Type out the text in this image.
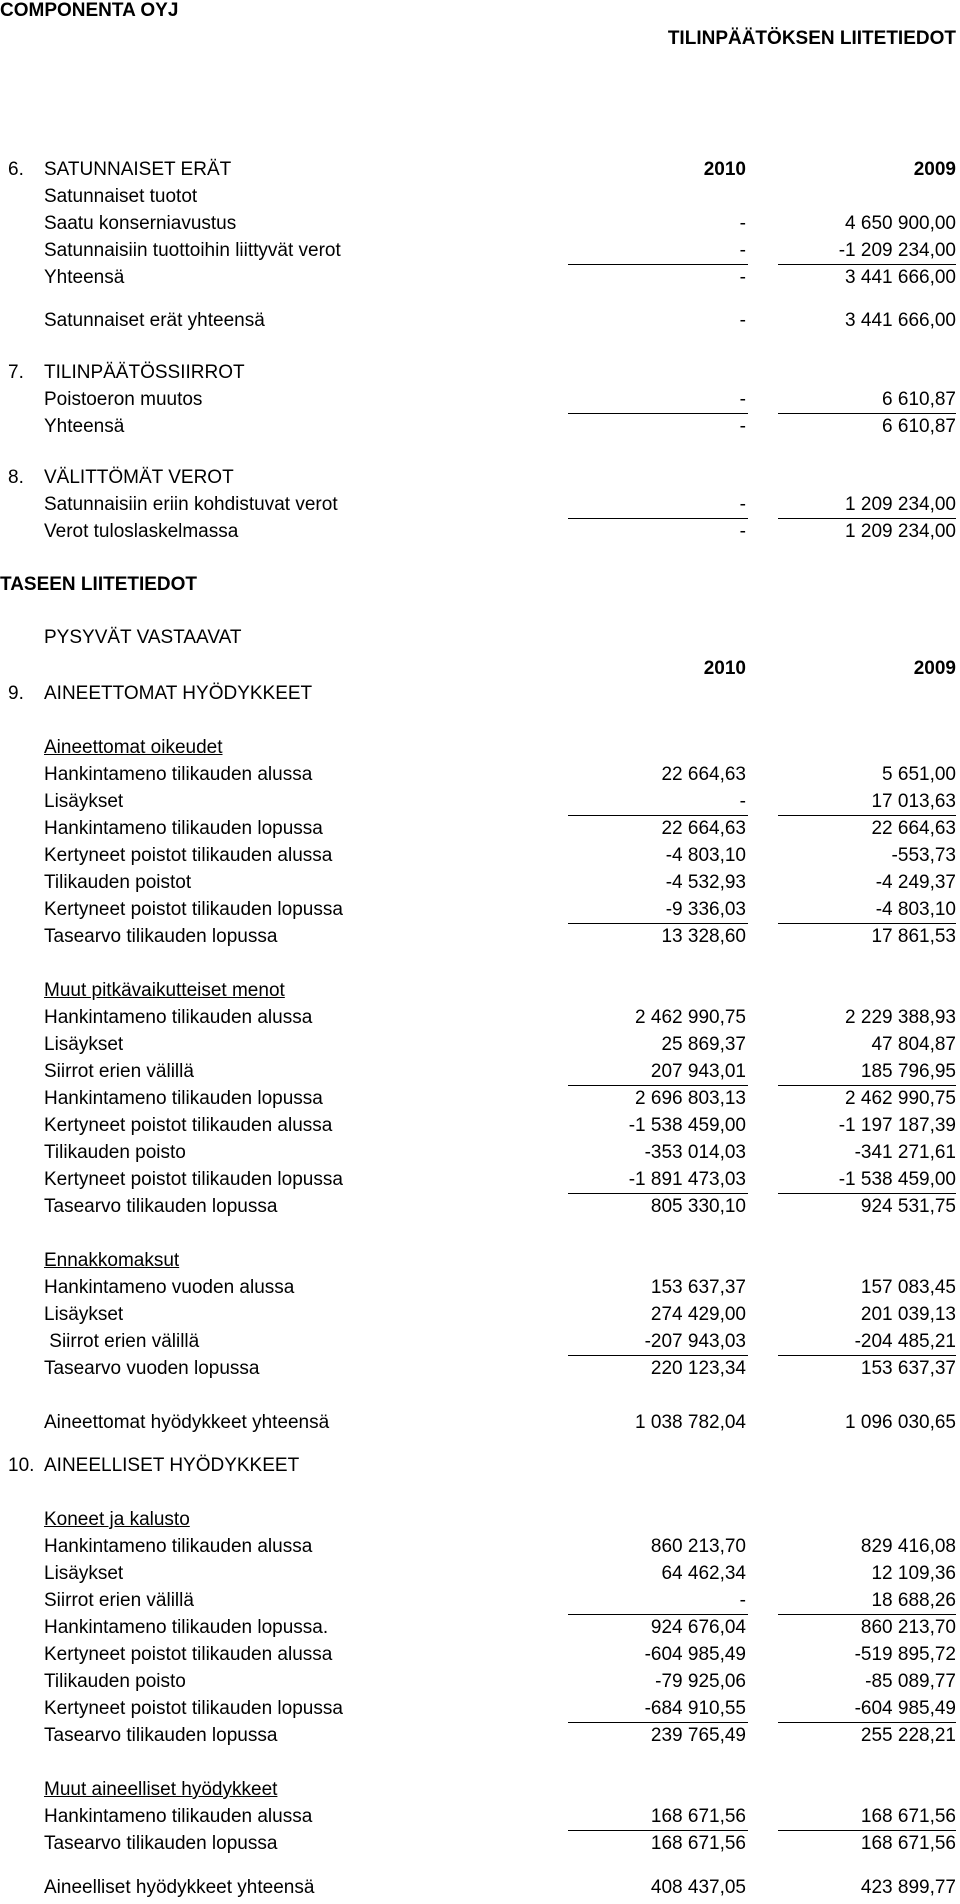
COMPONENTA OYJ
TILINPÄÄTÖKSEN LIITETIEDOT
6. SATUNNAISET ERÄT	2010	2009
Satunnaiset tuotot
Saatu konserniavustus	-	4 650 900,00
Satunnaisiin tuottoihin liittyvät verot	-	-1 209 234,00
Yhteensä	-	3 441 666,00
Satunnaiset erät yhteensä	-	3 441 666,00
7. TILINPÄÄTÖSSIIRROT
Poistoeron muutos	-	6 610,87
Yhteensä	-	6 610,87
8. VÄLITTÖMÄT VEROT
Satunnaisiin eriin kohdistuvat verot	-	1 209 234,00
Verot tuloslaskelmassa	-	1 209 234,00
TASEEN LIITETIEDOT
PYSYVÄT VASTAAVAT
2010	2009
9. AINEETTOMAT HYÖDYKKEET
Aineettomat oikeudet
Hankintameno tilikauden alussa	22 664,63	5 651,00
Lisäykset	-	17 013,63
Hankintameno tilikauden lopussa	22 664,63	22 664,63
Kertyneet poistot tilikauden alussa	-4 803,10	-553,73
Tilikauden poistot	-4 532,93	-4 249,37
Kertyneet poistot tilikauden lopussa	-9 336,03	-4 803,10
Tasearvo tilikauden lopussa	13 328,60	17 861,53
Muut pitkävaikutteiset menot
Hankintameno tilikauden alussa	2 462 990,75	2 229 388,93
Lisäykset	25 869,37	47 804,87
Siirrot erien välillä	207 943,01	185 796,95
Hankintameno tilikauden lopussa	2 696 803,13	2 462 990,75
Kertyneet poistot tilikauden alussa	-1 538 459,00	-1 197 187,39
Tilikauden poisto	-353 014,03	-341 271,61
Kertyneet poistot tilikauden lopussa	-1 891 473,03	-1 538 459,00
Tasearvo tilikauden lopussa	805 330,10	924 531,75
Ennakkomaksut
Hankintameno vuoden alussa	153 637,37	157 083,45
Lisäykset	274 429,00	201 039,13
Siirrot erien välillä	-207 943,03	-204 485,21
Tasearvo vuoden lopussa	220 123,34	153 637,37
Aineettomat hyödykkeet yhteensä	1 038 782,04	1 096 030,65
10. AINEELLISET HYÖDYKKEET
Koneet ja kalusto
Hankintameno tilikauden alussa	860 213,70	829 416,08
Lisäykset	64 462,34	12 109,36
Siirrot erien välillä	-	18 688,26
Hankintameno tilikauden lopussa.	924 676,04	860 213,70
Kertyneet poistot tilikauden alussa	-604 985,49	-519 895,72
Tilikauden poisto	-79 925,06	-85 089,77
Kertyneet poistot tilikauden lopussa	-684 910,55	-604 985,49
Tasearvo tilikauden lopussa	239 765,49	255 228,21
Muut aineelliset hyödykkeet
Hankintameno tilikauden alussa	168 671,56	168 671,56
Tasearvo tilikauden lopussa	168 671,56	168 671,56
Aineelliset hyödykkeet yhteensä	408 437,05	423 899,77
